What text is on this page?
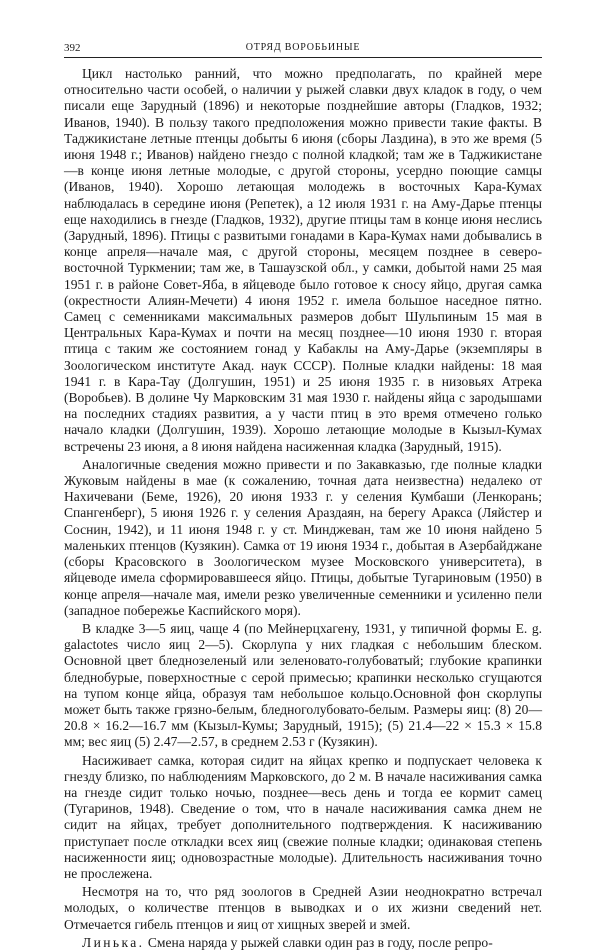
392	ОТРЯД ВОРОБЬИНЫЕ

Цикл настолько ранний, что можно предполагать, по крайней мере относительно части особей, о наличии у рыжей славки двух кладок в году, о чем писали еще Зарудный (1896) и некоторые позднейшие авторы (Гладков, 1932; Иванов, 1940). В пользу такого предположения можно привести такие факты. В Таджикистане летные птенцы добыты 6 июня (сборы Лаздина), в это же время (5 июня 1948 г.; Иванов) найдено гнездо с полной кладкой; там же в Таджикистане—в конце июня летные молодые, с другой стороны, усердно поющие самцы (Иванов, 1940). Хорошо летающая молодежь в восточных Кара-Кумах наблюдалась в середине июня (Репетек), а 12 июля 1931 г. на Аму-Дарье птенцы еще находились в гнезде (Гладков, 1932), другие птицы там в конце июня неслись (Зарудный, 1896). Птицы с развитыми гонадами в Кара-Кумах нами добывались в конце апреля—начале мая, с другой стороны, месяцем позднее в северо-восточной Туркмении; там же, в Ташаузской обл., у самки, добытой нами 25 мая 1951 г. в районе Совет-Яба, в яйцеводе было готовое к сносу яйцо, другая самка (окрестности Алиян-Мечети) 4 июня 1952 г. имела большое наседное пятно. Самец с семенниками максимальных размеров добыт Шульпиным 15 мая в Центральных Кара-Кумах и почти на месяц позднее—10 июня 1930 г. вторая птица с таким же состоянием гонад у Кабаклы на Аму-Дарье (экземпляры в Зоологическом институте Акад. наук СССР). Полные кладки найдены: 18 мая 1941 г. в Кара-Тау (Долгушин, 1951) и 25 июня 1935 г. в низовьях Атрека (Воробьев). В долине Чу Марковским 31 мая 1930 г. найдены яйца с зародышами на последних стадиях развития, а у части птиц в это время отмечено голько начало кладки (Долгушин, 1939). Хорошо летающие молодые в Кызыл-Кумах встречены 23 июня, а 8 июня найдена насиженная кладка (Зарудный, 1915).

Аналогичные сведения можно привести и по Закавказью, где полные кладки Жуковым найдены в мае (к сожалению, точная дата неизвестна) недалеко от Нахичевани (Беме, 1926), 20 июня 1933 г. у селения Кумбаши (Ленкорань; Спангенберг), 5 июня 1926 г. у селения Араздаян, на берегу Аракса (Ляйстер и Соснин, 1942), и 11 июня 1948 г. у ст. Минджеван, там же 10 июня найдено 5 маленьких птенцов (Кузякин). Самка от 19 июня 1934 г., добытая в Азербайджане (сборы Красовского в Зоологическом музее Московского университета), в яйцеводе имела сформировавшееся яйцо. Птицы, добытые Тугариновым (1950) в конце апреля—начале мая, имели резко увеличенные семенники и усиленно пели (западное побережье Каспийского моря).

В кладке 3—5 яиц, чаще 4 (по Мейнерцхагену, 1931, у типичной формы E. g. galactotes число яиц 2—5). Скорлупа у них гладкая с небольшим блеском. Основной цвет бледнозеленый или зеленовато-голубоватый; глубокие крапинки бледнобурые, поверхностные с серой примесью; крапинки несколько сгущаются на тупом конце яйца, образуя там небольшое кольцо.Основной фон скорлупы может быть также грязно-белым, бледноголубовато-белым. Размеры яиц: (8) 20—20.8 × 16.2—16.7 мм (Кызыл-Кумы; Зарудный, 1915); (5) 21.4—22 × 15.3 × 15.8 мм; вес яиц (5) 2.47—2.57, в среднем 2.53 г (Кузякин).

Насиживает самка, которая сидит на яйцах крепко и подпускает человека к гнезду близко, по наблюдениям Марковского, до 2 м. В начале насиживания самка на гнезде сидит только ночью, позднее—весь день и тогда ее кормит самец (Тугаринов, 1948). Сведение о том, что в начале насиживания самка днем не сидит на яйцах, требует дополнительного подтверждения. К насиживанию приступает после откладки всех яиц (свежие полные кладки; одинаковая степень насиженности яиц; одновозрастные молодые). Длительность насиживания точно не прослежена.

Несмотря на то, что ряд зоологов в Средней Азии неоднократно встречал молодых, о количестве птенцов в выводках и о их жизни сведений нет. Отмечается гибель птенцов и яиц от хищных зверей и змей.

Линька. Смена наряда у рыжей славки один раз в году, после репро-
